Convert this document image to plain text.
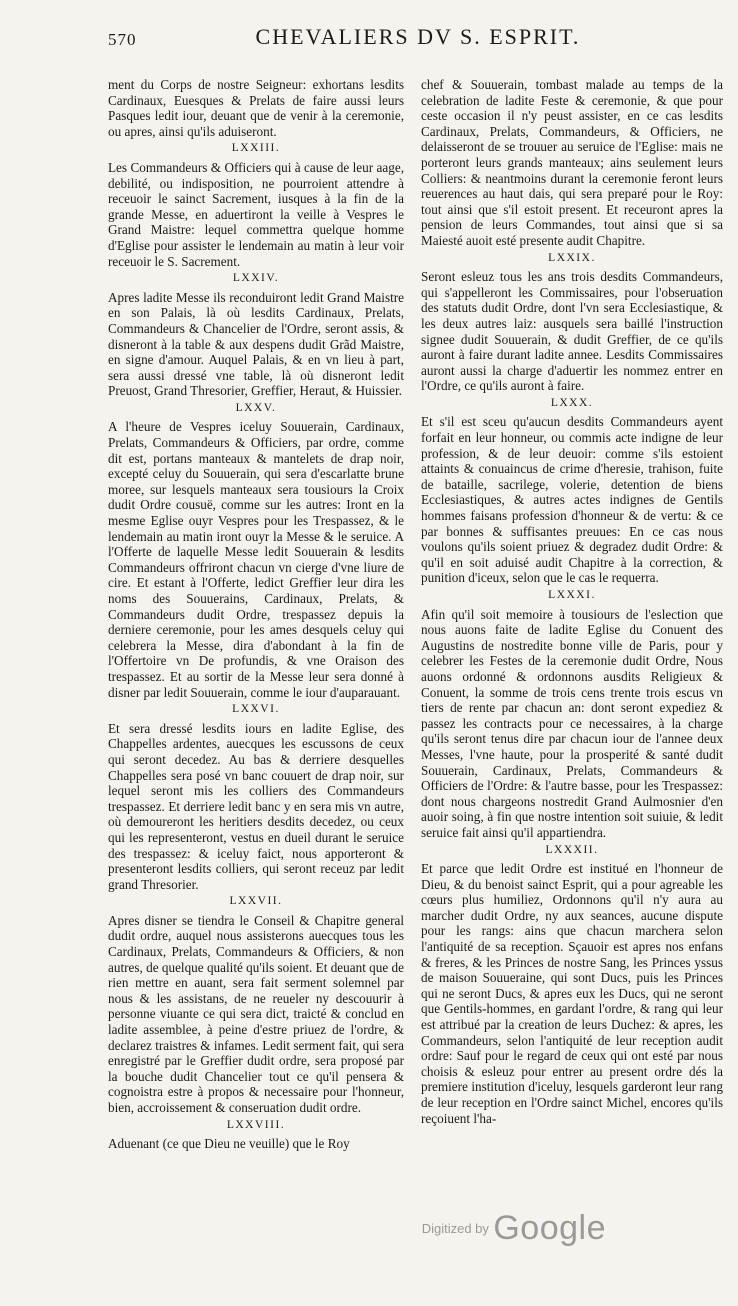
570	CHEVALIERS DV S. ESPRIT.

ment du Corps de nostre Seigneur: exhortans lesdits Cardinaux, Euesques & Prelats de faire aussi leurs Pasques ledit iour, deuant que de venir à la ceremonie, ou apres, ainsi qu'ils aduiseront.

LXXIII.

Les Commandeurs & Officiers qui à cause de leur aage, debilité, ou indisposition, ne pourroient attendre à receuoir le sainct Sacrement, iusques à la fin de la grande Messe, en aduertiront la veille à Vespres le Grand Maistre: lequel commettra quelque homme d'Eglise pour assister le lendemain au matin à leur voir receuoir le S. Sacrement.

LXXIV.

Apres ladite Messe ils reconduiront ledit Grand Maistre en son Palais, là où lesdits Cardinaux, Prelats, Commandeurs & Chancelier de l'Ordre, seront assis, & disneront à la table & aux despens dudit Grãd Maistre, en signe d'amour. Auquel Palais, & en vn lieu à part, sera aussi dressé vne table, là où disneront ledit Preuost, Grand Thresorier, Greffier, Heraut, & Huissier.

LXXV.

A l'heure de Vespres iceluy Souuerain, Cardinaux, Prelats, Commandeurs & Officiers, par ordre, comme dit est, portans manteaux & mantelets de drap noir, excepté celuy du Souuerain, qui sera d'escarlatte brune moree, sur lesquels manteaux sera tousiours la Croix dudit Ordre cousuë, comme sur les autres: Iront en la mesme Eglise ouyr Vespres pour les Trespassez, & le lendemain au matin iront ouyr la Messe & le seruice. A l'Offerte de laquelle Messe ledit Souuerain & lesdits Commandeurs offriront chacun vn cierge d'vne liure de cire. Et estant à l'Offerte, ledict Greffier leur dira les noms des Souuerains, Cardinaux, Prelats, & Commandeurs dudit Ordre, trespassez depuis la derniere ceremonie, pour les ames desquels celuy qui celebrera la Messe, dira d'abondant à la fin de l'Offertoire vn De profundis, & vne Oraison des trespassez. Et au sortir de la Messe leur sera donné à disner par ledit Souuerain, comme le iour d'auparauant.

LXXVI.

Et sera dressé lesdits iours en ladite Eglise, des Chappelles ardentes, auecques les escussons de ceux qui seront decedez. Au bas & derriere desquelles Chappelles sera posé vn banc couuert de drap noir, sur lequel seront mis les colliers des Commandeurs trespassez. Et derriere ledit banc y en sera mis vn autre, où demoureront les heritiers desdits decedez, ou ceux qui les representeront, vestus en dueil durant le seruice des trespassez: & iceluy faict, nous apporteront & presenteront lesdits colliers, qui seront receuz par ledit grand Thresorier.

LXXVII.

Apres disner se tiendra le Conseil & Chapitre general dudit ordre, auquel nous assisterons auecques tous les Cardinaux, Prelats, Commandeurs & Officiers, & non autres, de quelque qualité qu'ils soient. Et deuant que de rien mettre en auant, sera fait serment solemnel par nous & les assistans, de ne reueler ny descouurir à personne viuante ce qui sera dict, traicté & conclud en ladite assemblee, à peine d'estre priuez de l'ordre, & declarez traistres & infames. Ledit serment fait, qui sera enregistré par le Greffier dudit ordre, sera proposé par la bouche dudit Chancelier tout ce qu'il pensera & cognoistra estre à propos & necessaire pour l'honneur, bien, accroissement & conseruation dudit ordre.

LXXVIII.

Aduenant (ce que Dieu ne veuille) que le Roy

chef & Souuerain, tombast malade au temps de la celebration de ladite Feste & ceremonie, & que pour ceste occasion il n'y peust assister, en ce cas lesdits Cardinaux, Prelats, Commandeurs, & Officiers, ne delaisseront de se trouuer au seruice de l'Eglise: mais ne porteront leurs grands manteaux; ains seulement leurs Colliers: & neantmoins durant la ceremonie feront leurs reuerences au haut dais, qui sera preparé pour le Roy: tout ainsi que s'il estoit present. Et receuront apres la pension de leurs Commandes, tout ainsi que si sa Maiesté auoit esté presente audit Chapitre.

LXXIX.

Seront esleuz tous les ans trois desdits Commandeurs, qui s'appelleront les Commissaires, pour l'obseruation des statuts dudit Ordre, dont l'vn sera Ecclesiastique, & les deux autres laiz: ausquels sera baillé l'instruction signee dudit Souuerain, & dudit Greffier, de ce qu'ils auront à faire durant ladite annee. Lesdits Commissaires auront aussi la charge d'aduertir les nommez entrer en l'Ordre, ce qu'ils auront à faire.

LXXX.

Et s'il est sceu qu'aucun desdits Commandeurs ayent forfait en leur honneur, ou commis acte indigne de leur profession, & de leur deuoir: comme s'ils estoient attaints & conuaincus de crime d'heresie, trahison, fuite de bataille, sacrilege, volerie, detention de biens Ecclesiastiques, & autres actes indignes de Gentils hommes faisans profession d'honneur & de vertu: & ce par bonnes & suffisantes preuues: En ce cas nous voulons qu'ils soient priuez & degradez dudit Ordre: & qu'il en soit aduisé audit Chapitre à la correction, & punition d'iceux, selon que le cas le requerra.

LXXXI.

Afin qu'il soit memoire à tousiours de l'eslection que nous auons faite de ladite Eglise du Conuent des Augustins de nostredite bonne ville de Paris, pour y celebrer les Festes de la ceremonie dudit Ordre, Nous auons ordonné & ordonnons ausdits Religieux & Conuent, la somme de trois cens trente trois escus vn tiers de rente par chacun an: dont seront expediez & passez les contracts pour ce necessaires, à la charge qu'ils seront tenus dire par chacun iour de l'annee deux Messes, l'vne haute, pour la prosperité & santé dudit Souuerain, Cardinaux, Prelats, Commandeurs & Officiers de l'Ordre: & l'autre basse, pour les Trespassez: dont nous chargeons nostredit Grand Aulmosnier d'en auoir soing, à fin que nostre intention soit suiuie, & ledit seruice fait ainsi qu'il appartiendra.

LXXXII.

Et parce que ledit Ordre est institué en l'honneur de Dieu, & du benoist sainct Esprit, qui a pour agreable les cœurs plus humiliez, Ordonnons qu'il n'y aura au marcher dudit Ordre, ny aux seances, aucune dispute pour les rangs: ains que chacun marchera selon l'antiquité de sa reception. Sçauoir est apres nos enfans & freres, & les Princes de nostre Sang, les Princes yssus de maison Souueraine, qui sont Ducs, puis les Princes qui ne seront Ducs, & apres eux les Ducs, qui ne seront que Gentils-hommes, en gardant l'ordre, & rang qui leur est attribué par la creation de leurs Duchez: & apres, les Commandeurs, selon l'antiquité de leur reception audit ordre: Sauf pour le regard de ceux qui ont esté par nous choisis & esleuz pour entrer au present ordre dés la premiere institution d'iceluy, lesquels garderont leur rang de leur reception en l'Ordre sainct Michel, encores qu'ils reçoiuent l'ha-

Digitized by Google
